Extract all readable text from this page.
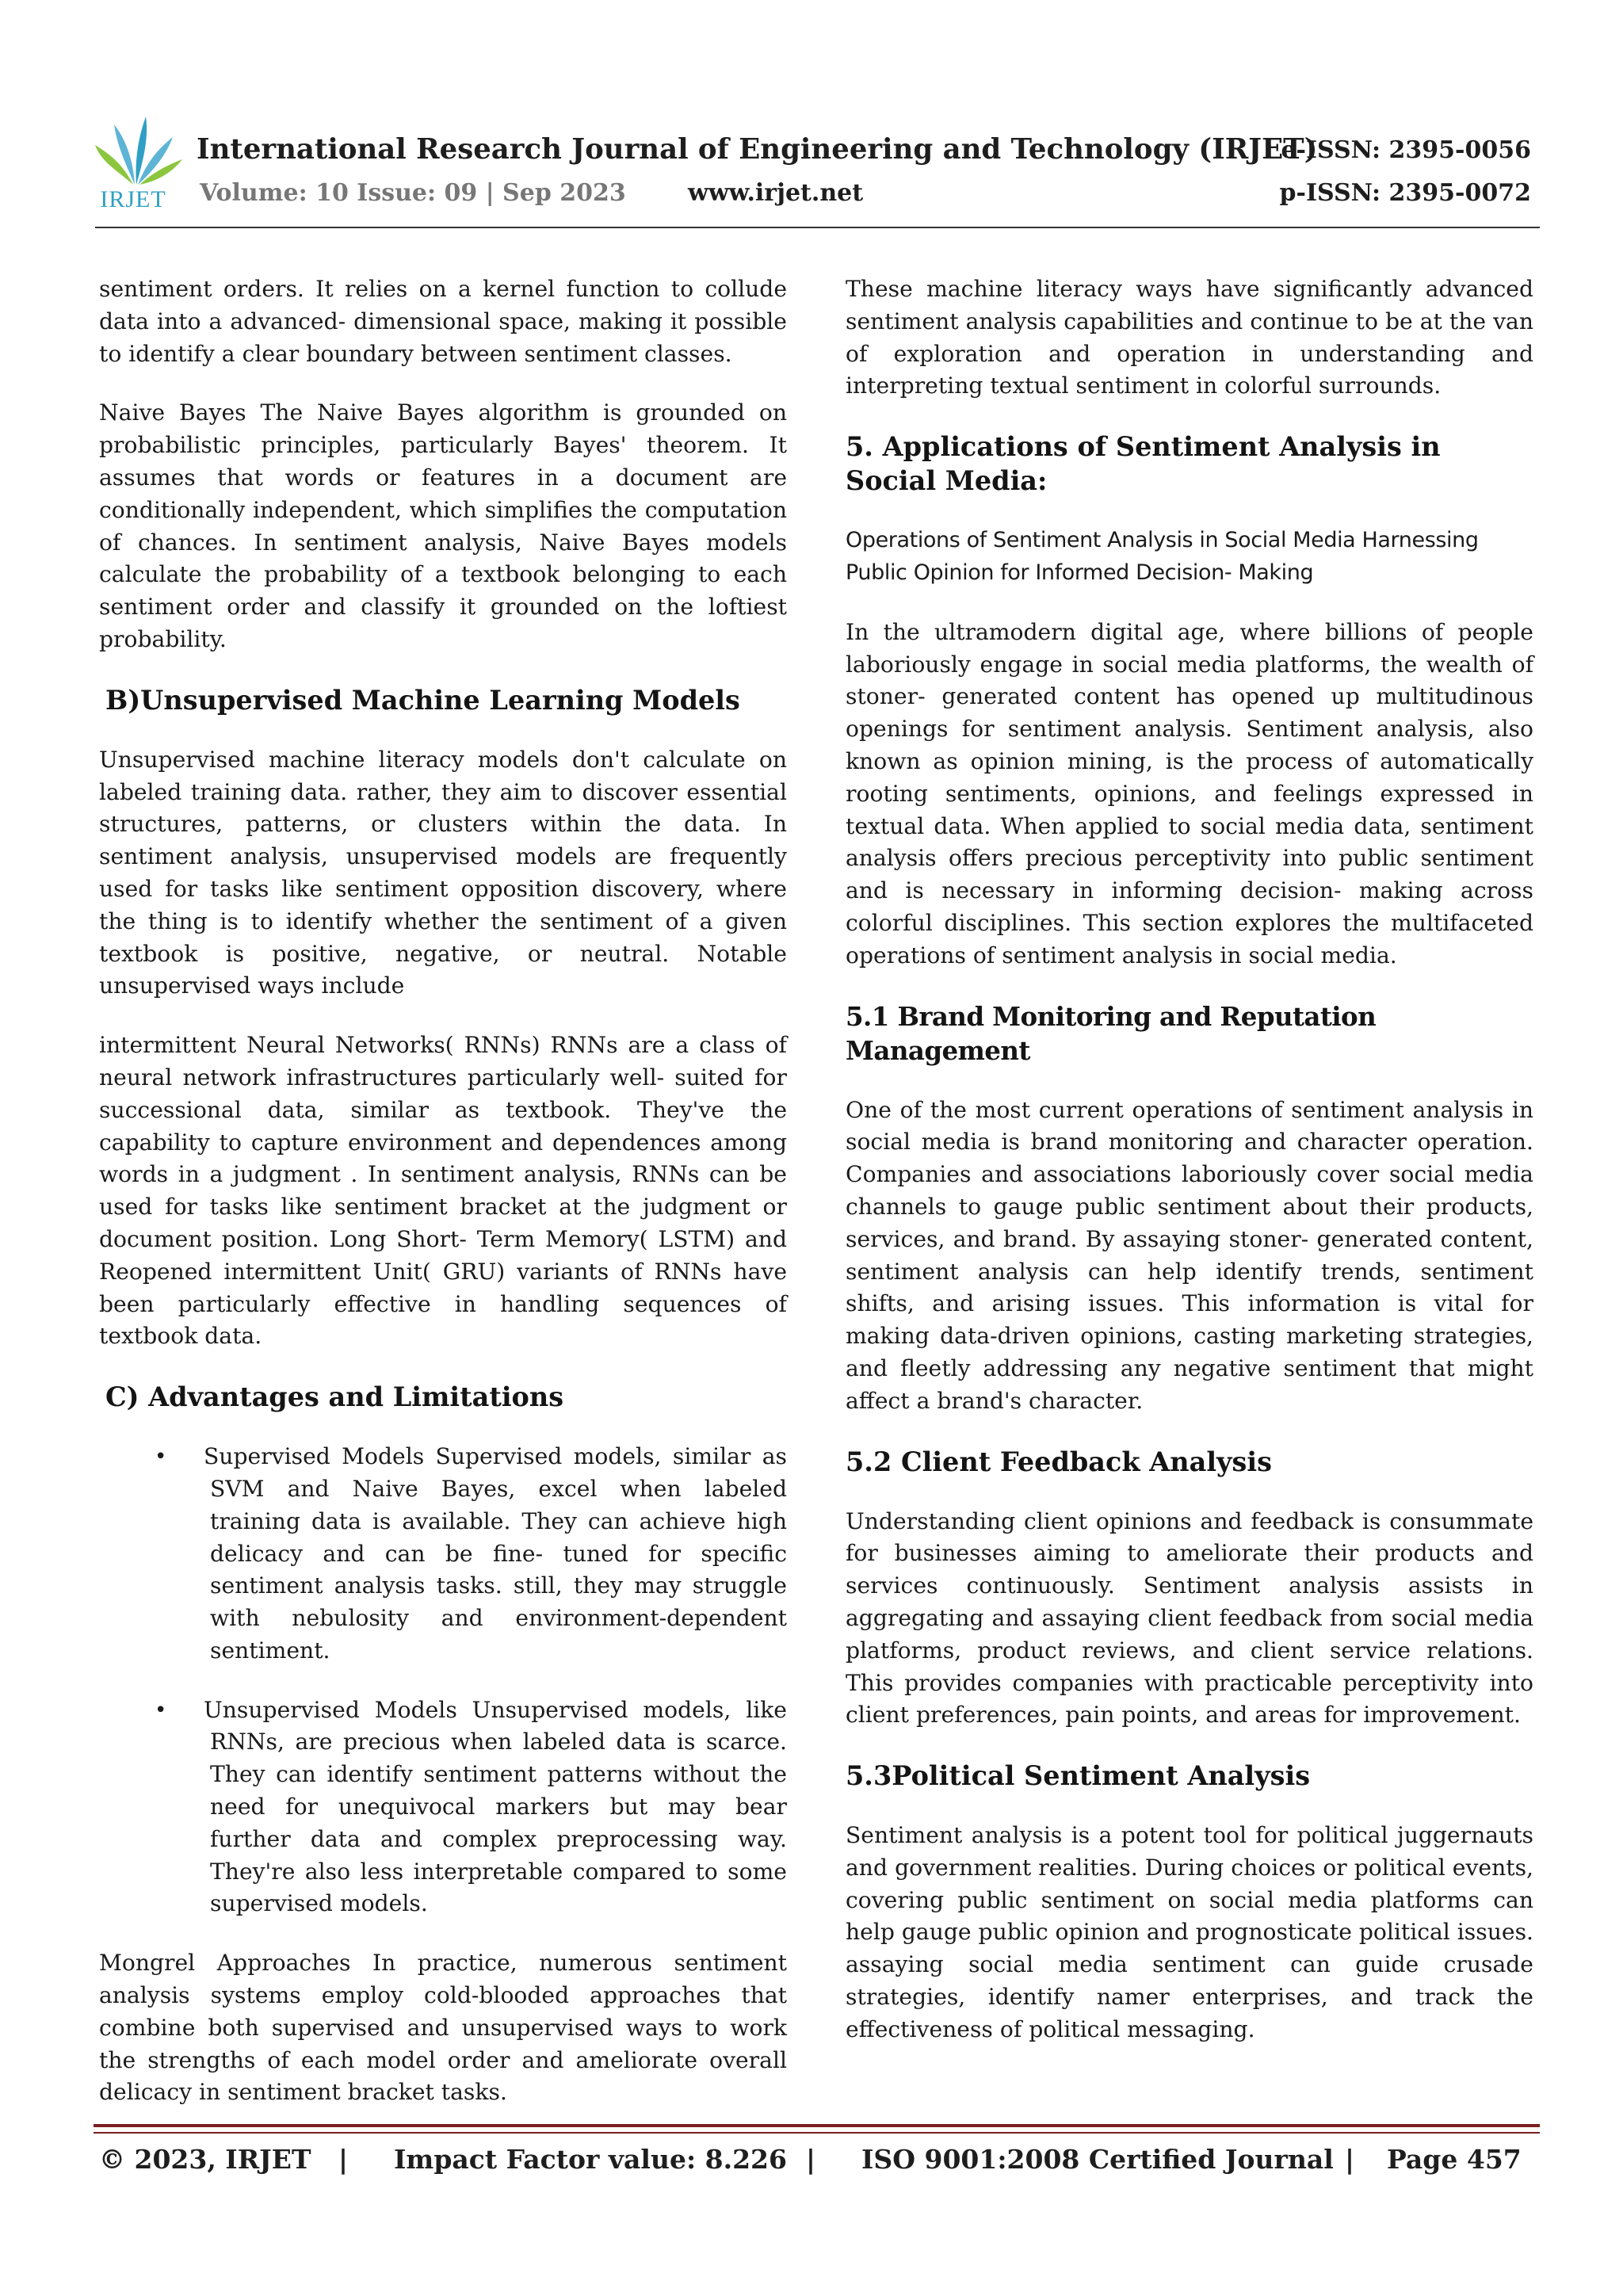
IRJET
International Research Journal of Engineering and Technology (IRJET)
Volume: 10 Issue: 09 | Sep 2023	www.irjet.net
e-ISSN: 2395-0056
p-ISSN: 2395-0072

sentiment orders. It relies on a kernel function to collude data into a advanced- dimensional space, making it possible to identify a clear boundary between sentiment classes.

Naive Bayes The Naive Bayes algorithm is grounded on probabilistic principles, particularly Bayes' theorem. It assumes that words or features in a document are conditionally independent, which simplifies the computation of chances. In sentiment analysis, Naive Bayes models calculate the probability of a textbook belonging to each sentiment order and classify it grounded on the loftiest probability.

B)Unsupervised Machine Learning Models

Unsupervised machine literacy models don't calculate on labeled training data. rather, they aim to discover essential structures, patterns, or clusters within the data. In sentiment analysis, unsupervised models are frequently used for tasks like sentiment opposition discovery, where the thing is to identify whether the sentiment of a given textbook is positive, negative, or neutral. Notable unsupervised ways include

intermittent Neural Networks( RNNs) RNNs are a class of neural network infrastructures particularly well- suited for successional data, similar as textbook. They've the capability to capture environment and dependences among words in a judgment . In sentiment analysis, RNNs can be used for tasks like sentiment bracket at the judgment or document position. Long Short- Term Memory( LSTM) and Reopened intermittent Unit( GRU) variants of RNNs have been particularly effective in handling sequences of textbook data.

C) Advantages and Limitations
• Supervised Models Supervised models, similar as SVM and Naive Bayes, excel when labeled training data is available. They can achieve high delicacy and can be fine- tuned for specific sentiment analysis tasks. still, they may struggle with nebulosity and environment-dependent sentiment.
• Unsupervised Models Unsupervised models, like RNNs, are precious when labeled data is scarce. They can identify sentiment patterns without the need for unequivocal markers but may bear further data and complex preprocessing way. They're also less interpretable compared to some supervised models.

Mongrel Approaches In practice, numerous sentiment analysis systems employ cold-blooded approaches that combine both supervised and unsupervised ways to work the strengths of each model order and ameliorate overall delicacy in sentiment bracket tasks.

These machine literacy ways have significantly advanced sentiment analysis capabilities and continue to be at the van of exploration and operation in understanding and interpreting textual sentiment in colorful surrounds.

5. Applications of Sentiment Analysis in Social Media:

Operations of Sentiment Analysis in Social Media Harnessing Public Opinion for Informed Decision- Making

In the ultramodern digital age, where billions of people laboriously engage in social media platforms, the wealth of stoner- generated content has opened up multitudinous openings for sentiment analysis. Sentiment analysis, also known as opinion mining, is the process of automatically rooting sentiments, opinions, and feelings expressed in textual data. When applied to social media data, sentiment analysis offers precious perceptivity into public sentiment and is necessary in informing decision- making across colorful disciplines. This section explores the multifaceted operations of sentiment analysis in social media.

5.1 Brand Monitoring and Reputation Management

One of the most current operations of sentiment analysis in social media is brand monitoring and character operation. Companies and associations laboriously cover social media channels to gauge public sentiment about their products, services, and brand. By assaying stoner- generated content, sentiment analysis can help identify trends, sentiment shifts, and arising issues. This information is vital for making data-driven opinions, casting marketing strategies, and fleetly addressing any negative sentiment that might affect a brand's character.

5.2 Client Feedback Analysis

Understanding client opinions and feedback is consummate for businesses aiming to ameliorate their products and services continuously. Sentiment analysis assists in aggregating and assaying client feedback from social media platforms, product reviews, and client service relations. This provides companies with practicable perceptivity into client preferences, pain points, and areas for improvement.

5.3Political Sentiment Analysis

Sentiment analysis is a potent tool for political juggernauts and government realities. During choices or political events, covering public sentiment on social media platforms can help gauge public opinion and prognosticate political issues. assaying social media sentiment can guide crusade strategies, identify namer enterprises, and track the effectiveness of political messaging.

© 2023, IRJET | Impact Factor value: 8.226 | ISO 9001:2008 Certified Journal | Page 457
